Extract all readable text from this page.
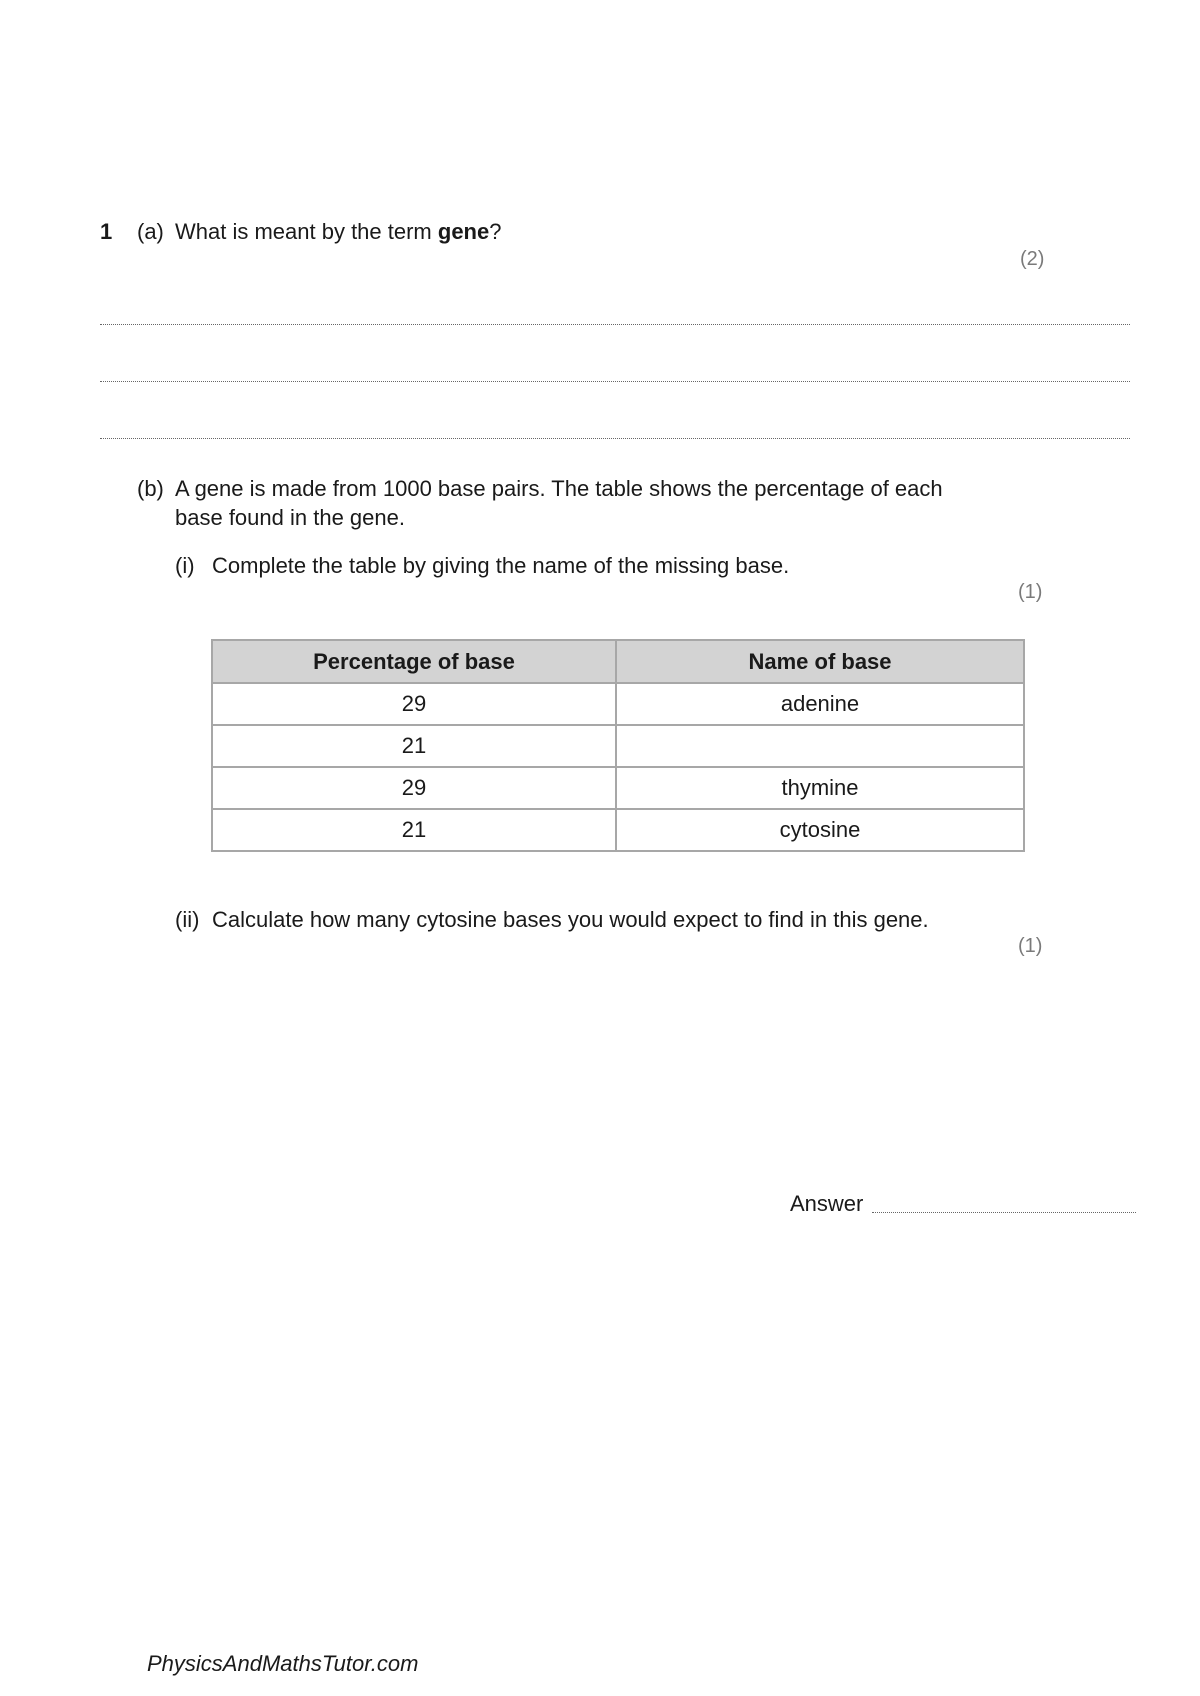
1 (a) What is meant by the term gene?
(2)
(b) A gene is made from 1000 base pairs. The table shows the percentage of each
base found in the gene.
(i) Complete the table by giving the name of the missing base.
(1)
Percentage of base	Name of base
29	adenine
21	
29	thymine
21	cytosine
(ii) Calculate how many cytosine bases you would expect to find in this gene.
(1)
Answer
PhysicsAndMathsTutor.com
